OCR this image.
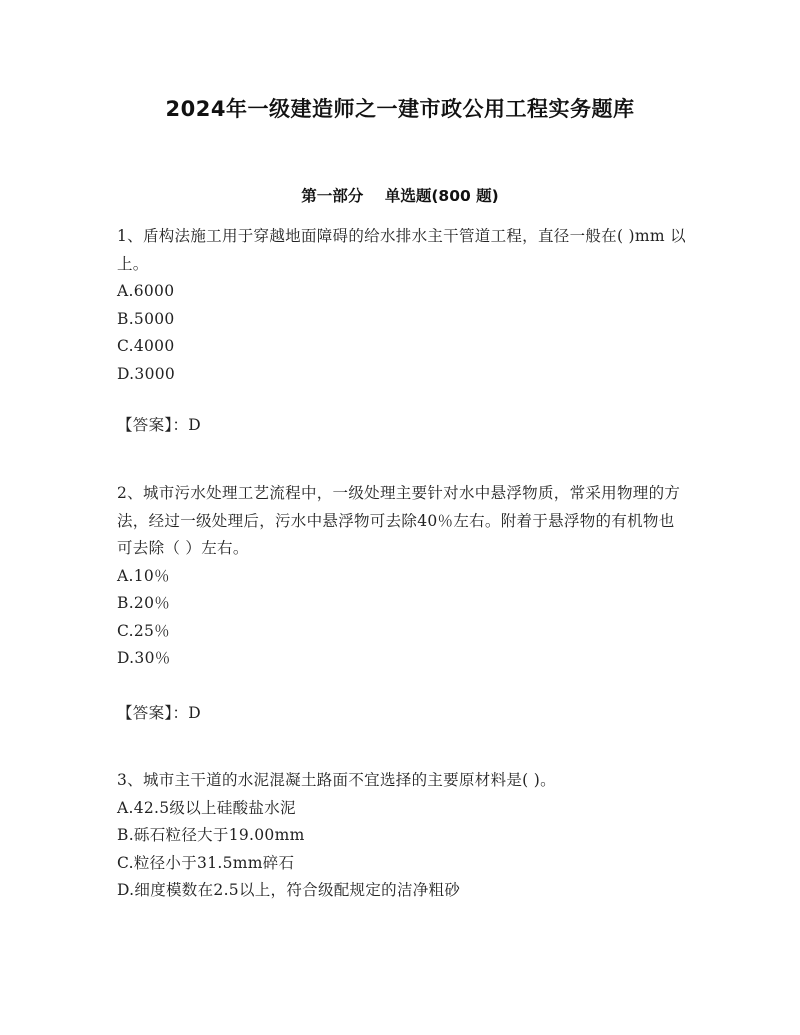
2024年一级建造师之一建市政公用工程实务题库
第一部分    单选题(800 题)

1、盾构法施工用于穿越地面障碍的给水排水主干管道工程，直径一般在( )mm 以上。

A.6000

B.5000

C.4000

D.3000

【答案】：D

2、城市污水处理工艺流程中，一级处理主要针对水中悬浮物质，常采用物理的方法，经过一级处理后，污水中悬浮物可去除40％左右。附着于悬浮物的有机物也可去除（ ）左右。

A.10％

B.20％

C.25％

D.30％

【答案】：D

3、城市主干道的水泥混凝土路面不宜选择的主要原材料是( )。

A.42.5级以上硅酸盐水泥

B.砾石粒径大于19.00mm

C.粒径小于31.5mm碎石

D.细度模数在2.5以上，符合级配规定的洁净粗砂
